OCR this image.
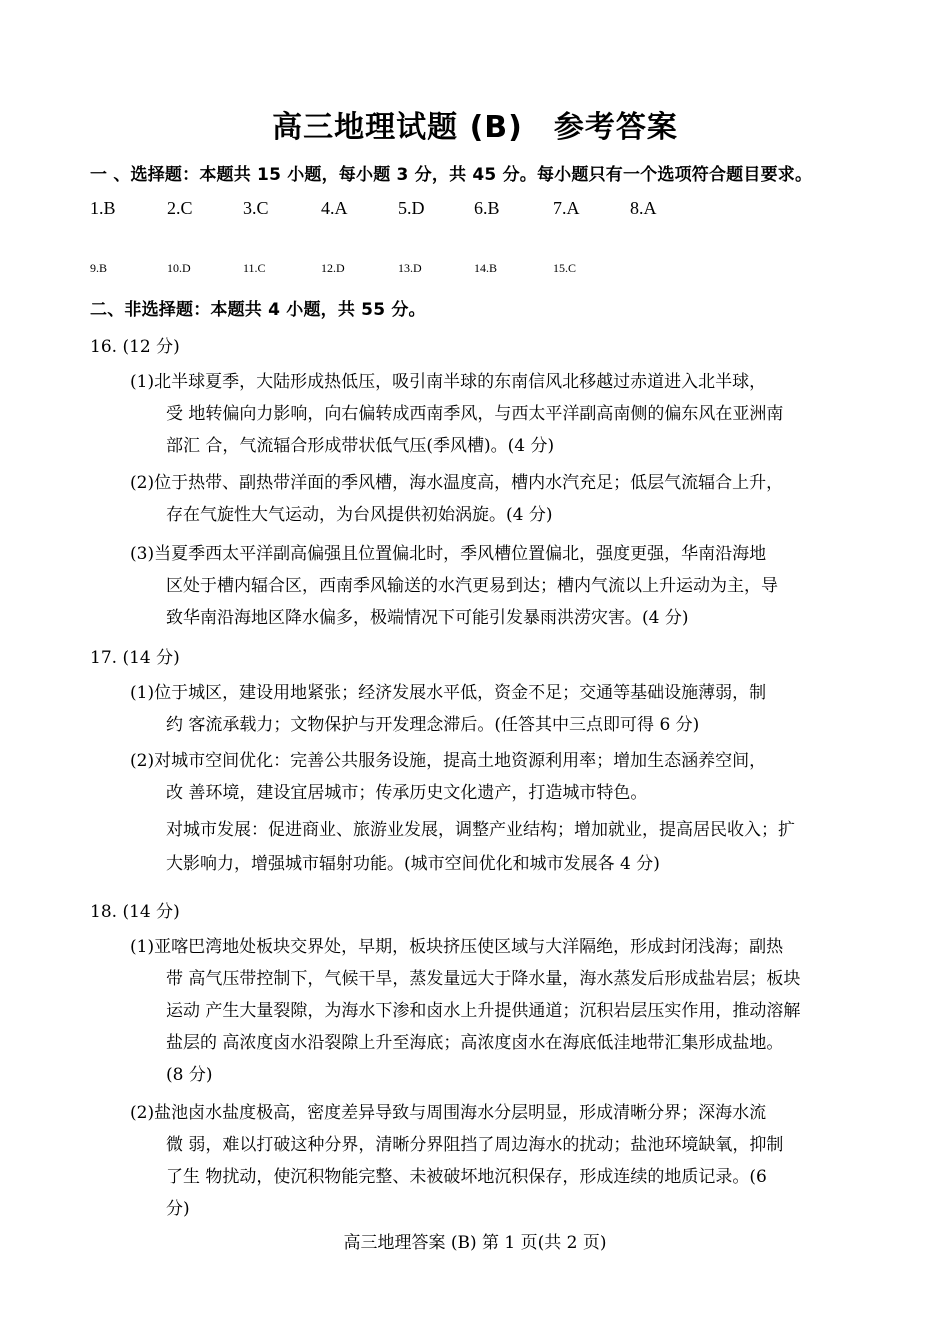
高三地理试题 (B)　参考答案
一 、选择题：本题共 15 小题，每小题 3 分，共 45 分。每小题只有一个选项符合题目要求。
1.B	2.C	3.C	4.A	5.D	6.B	7.A	8.A
9.B	10.D	11.C	12.D	13.D	14.B	15.C
二、非选择题：本题共 4 小题，共 55 分。
16. (12 分)
(1)北半球夏季，大陆形成热低压，吸引南半球的东南信风北移越过赤道进入北半球，
受 地转偏向力影响，向右偏转成西南季风，与西太平洋副高南侧的偏东风在亚洲南
部汇 合，气流辐合形成带状低气压(季风槽)。(4 分)
(2)位于热带、副热带洋面的季风槽，海水温度高，槽内水汽充足；低层气流辐合上升，
存在气旋性大气运动，为台风提供初始涡旋。(4 分)
(3)当夏季西太平洋副高偏强且位置偏北时，季风槽位置偏北，强度更强，华南沿海地
区处于槽内辐合区，西南季风输送的水汽更易到达；槽内气流以上升运动为主，导
致华南沿海地区降水偏多，极端情况下可能引发暴雨洪涝灾害。(4 分)
17. (14 分)
(1)位于城区，建设用地紧张；经济发展水平低，资金不足；交通等基础设施薄弱，制
约 客流承载力；文物保护与开发理念滞后。(任答其中三点即可得 6 分)
(2)对城市空间优化：完善公共服务设施，提高土地资源利用率；增加生态涵养空间，
改 善环境，建设宜居城市；传承历史文化遗产，打造城市特色。
对城市发展：促进商业、旅游业发展，调整产业结构；增加就业，提高居民收入；扩
大影响力，增强城市辐射功能。(城市空间优化和城市发展各 4 分)
18. (14 分)
(1)亚喀巴湾地处板块交界处，早期，板块挤压使区域与大洋隔绝，形成封闭浅海；副热
带 高气压带控制下，气候干旱，蒸发量远大于降水量，海水蒸发后形成盐岩层；板块
运动 产生大量裂隙，为海水下渗和卤水上升提供通道；沉积岩层压实作用，推动溶解
盐层的 高浓度卤水沿裂隙上升至海底；高浓度卤水在海底低洼地带汇集形成盐地。
(8 分)
(2)盐池卤水盐度极高，密度差异导致与周围海水分层明显，形成清晰分界；深海水流
微 弱，难以打破这种分界，清晰分界阻挡了周边海水的扰动；盐池环境缺氧，抑制
了生 物扰动，使沉积物能完整、未被破坏地沉积保存，形成连续的地质记录。(6
分)
高三地理答案 (B) 第 1 页(共 2 页)
